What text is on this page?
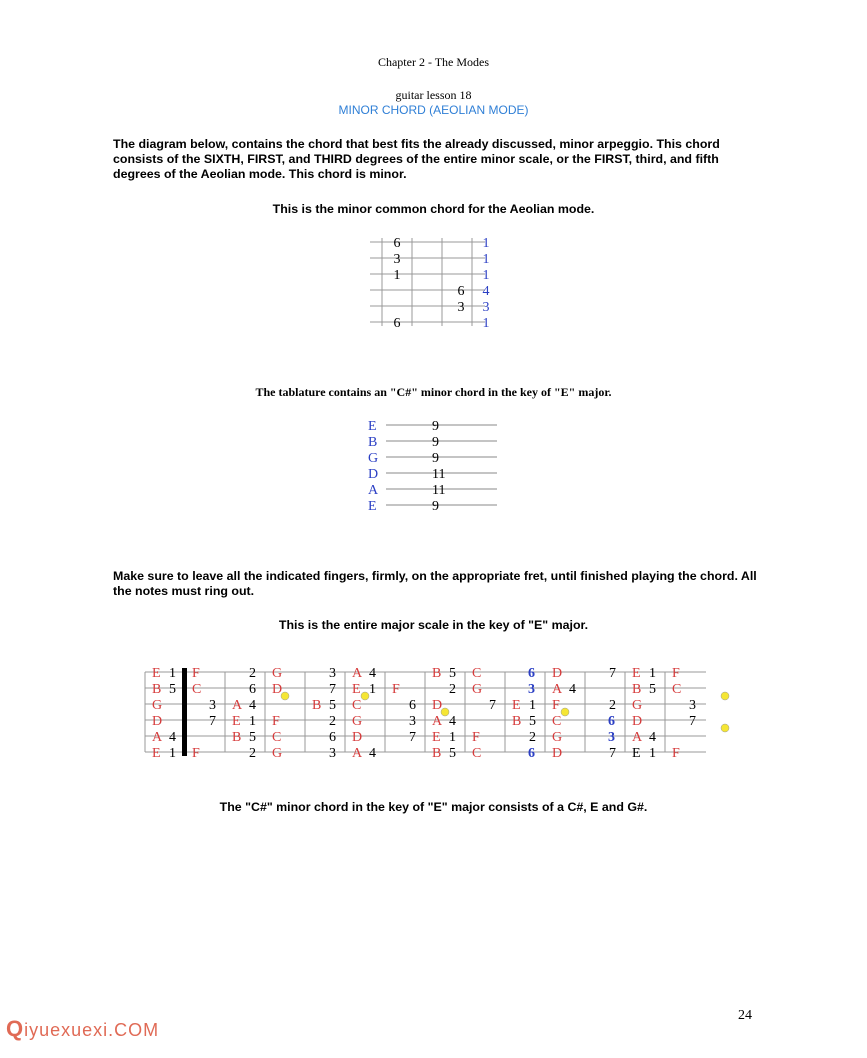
Chapter 2 - The Modes
guitar lesson 18
MINOR CHORD (AEOLIAN MODE)
The diagram below, contains the chord that best fits the already discussed, minor arpeggio. This chord consists of the SIXTH, FIRST, and THIRD degrees of the entire minor scale, or the FIRST, third, and fifth degrees of the Aeolian mode. This chord is minor.
This is the minor common chord for the Aeolian mode.
6	1
3	1
1	1
6 4
3 3
6	1
The tablature contains an "C#" minor chord in the key of "E" major.
E	9
B	9
G	9
D	11
A	11
E	9
Make sure to leave all the indicated fingers, firmly, on the appropriate fret, until finished playing the chord. All the notes must ring out.
This is the entire major scale in the key of "E" major.
E 1 F	2 G	3 A 4	B 5 C	6 D	7 E 1 F
B 5 C	6 D	7 E 1 F	2 G	3 A 4	B 5 C
G	3 A 4	B 5 C	6 D	7 E 1 F	2 G	3
D	7 E 1 F	2 G	3 A 4	B 5 C	6 D	7
A 4	B 5 C	6 D	7 E 1 F	2 G	3 A 4
E 1 F	2 G	3 A 4	B 5 C	6 D	7 E 1 F
The "C#" minor chord in the key of "E" major consists of a C#, E and G#.
24
Qiyuexuexi.COM
